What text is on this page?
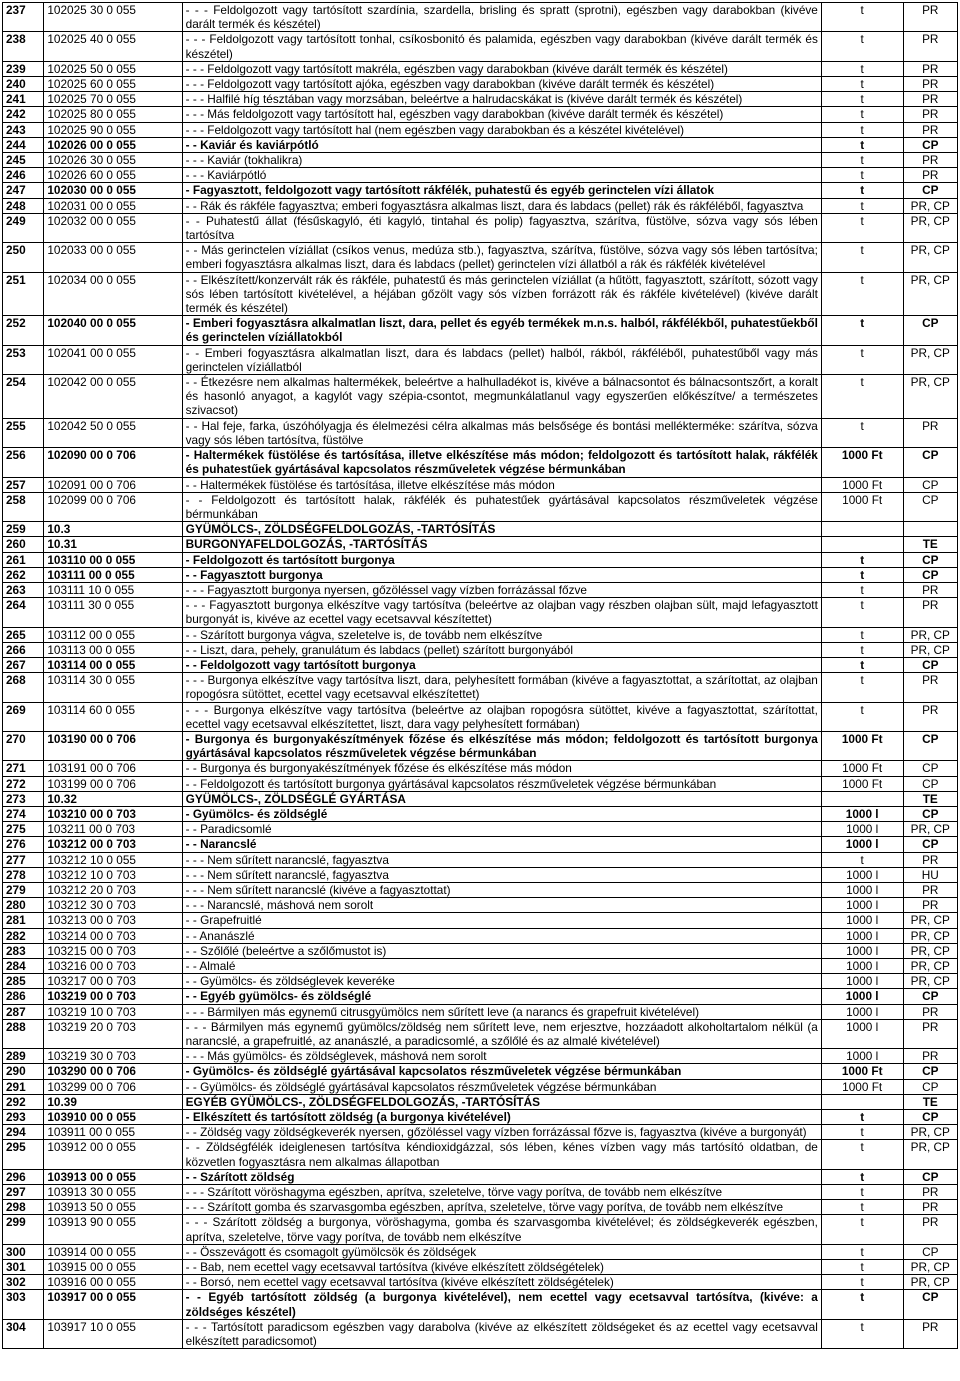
237	102025 30 0 055	- - - Feldolgozott vagy tartósított szardínia, szardella, brisling és spratt (sprotni), egészben vagy darabokban (kivéve darált termék és készétel)	t	PR
238	102025 40 0 055	- - - Feldolgozott vagy tartósított tonhal, csíkosbonitó és palamida, egészben vagy darabokban (kivéve darált termék és készétel)	t	PR
239	102025 50 0 055	- - - Feldolgozott vagy tartósított makréla, egészben vagy darabokban (kivéve darált termék és készétel)	t	PR
240	102025 60 0 055	- - - Feldolgozott vagy tartósított ajóka, egészben vagy darabokban (kivéve darált termék és készétel)	t	PR
241	102025 70 0 055	- - - Halfilé híg tésztában vagy morzsában, beleértve a halrudacskákat is (kivéve darált termék és készétel)	t	PR
242	102025 80 0 055	- - - Más feldolgozott vagy tartósított hal, egészben vagy darabokban (kivéve darált termék és készétel)	t	PR
243	102025 90 0 055	- - - Feldolgozott vagy tartósított hal (nem egészben vagy darabokban és a készétel kivételével)	t	PR
244	102026 00 0 055	- - Kaviár és kaviárpótló	t	CP
245	102026 30 0 055	- - - Kaviár (tokhalikra)	t	PR
246	102026 60 0 055	- - - Kaviárpótló	t	PR
247	102030 00 0 055	- Fagyasztott, feldolgozott vagy tartósított rákfélék, puhatestű és egyéb gerinctelen vízi állatok	t	CP
248	102031 00 0 055	- - Rák és rákféle fagyasztva; emberi fogyasztásra alkalmas liszt, dara és labdacs (pellet) rák és rákféléből, fagyasztva	t	PR, CP
249	102032 00 0 055	- - Puhatestű állat (fésűskagyló, éti kagyló, tintahal és polip) fagyasztva, szárítva, füstölve, sózva vagy sós lében tartósítva	t	PR, CP
250	102033 00 0 055	- - Más gerinctelen víziállat (csíkos venus, medúza stb.), fagyasztva, szárítva, füstölve, sózva vagy sós lében tartósítva; emberi fogyasztásra alkalmas liszt, dara és labdacs (pellet) gerinctelen vízi állatból a rák és rákfélék kivételével	t	PR, CP
251	102034 00 0 055	- - Elkészített/konzervált rák és rákféle, puhatestű és más gerinctelen víziállat (a hűtött, fagyasztott, szárított, sózott vagy sós lében tartósított kivételével, a héjában gőzölt vagy sós vízben forrázott rák és rákféle kivételével) (kivéve darált termék és készétel)	t	PR, CP
252	102040 00 0 055	- Emberi fogyasztásra alkalmatlan liszt, dara, pellet és egyéb termékek m.n.s. halból, rákfélékből, puhatestűekből és gerinctelen víziállatokból	t	CP
253	102041 00 0 055	- - Emberi fogyasztásra alkalmatlan liszt, dara és labdacs (pellet) halból, rákból, rákféléből, puhatestűből vagy más gerinctelen víziállatból	t	PR, CP
254	102042 00 0 055	- - Étkezésre nem alkalmas haltermékek, beleértve a halhulladékot is, kivéve a bálnacsontot és bálnacsontszőrt, a koralt és hasonló anyagot, a kagylót vagy szépia-csontot, megmunkálatlanul vagy egyszerűen előkészítve/ a természetes szivacsot)	t	PR, CP
255	102042 50 0 055	- - Hal feje, farka, úszóhólyagja és élelmezési célra alkalmas más belsősége és bontási melléktermékе: szárítva, sózva vagy sós lében tartósítva, füstölve	t	PR
256	102090 00 0 706	- Haltermékek füstölése és tartósítása, illetve elkészítése más módon; feldolgozott és tartósított halak, rákfélék és puhatestűek gyártásával kapcsolatos részműveletek végzése bérmunkában	1000 Ft	CP
257	102091 00 0 706	- - Haltermékek füstölése és tartósítása, illetve elkészítése más módon	1000 Ft	CP
258	102099 00 0 706	- - Feldolgozott és tartósított halak, rákfélék és puhatestűek gyártásával kapcsolatos részműveletek végzése bérmunkában	1000 Ft	CP
259	10.3	GYÜMÖLCS-, ZÖLDSÉGFELDOLGOZÁS, -TARTÓSÍTÁS		
260	10.31	BURGONYAFELDOLGOZÁS, -TARTÓSÍTÁS		TE
261	103110 00 0 055	- Feldolgozott és tartósított burgonya	t	CP
262	103111 00 0 055	- - Fagyasztott burgonya	t	CP
263	103111 10 0 055	- - - Fagyasztott burgonya nyersen, gőzöléssel vagy vízben forrázással főzve	t	PR
264	103111 30 0 055	- - - Fagyasztott burgonya elkészítve vagy tartósítva (beleértve az olajban vagy részben olajban sült, majd lefagyasztott burgonyát is, kivéve az ecettel vagy ecetsavval készítettet)	t	PR
265	103112 00 0 055	- - Szárított burgonya vágva, szeletelve is, de tovább nem elkészítve	t	PR, CP
266	103113 00 0 055	- - Liszt, dara, pehely, granulátum és labdacs (pellet) szárított burgonyából	t	PR, CP
267	103114 00 0 055	- - Feldolgozott vagy tartósított burgonya	t	CP
268	103114 30 0 055	- - - Burgonya elkészítve vagy tartósítva liszt, dara, pelyhesített formában (kivéve a fagyasztottat, a szárítottat, az olajban ropogósra sütöttet, ecettel vagy ecetsavval elkészítettet)	t	PR
269	103114 60 0 055	- - - Burgonya elkészítve vagy tartósítva (beleértve az olajban ropogósra sütöttet, kivéve a fagyasztottat, szárítottat, ecettel vagy ecetsavval elkészítettet, liszt, dara vagy pelyhesített formában)	t	PR
270	103190 00 0 706	- Burgonya és burgonyakészítmények főzése és elkészítése más módon; feldolgozott és tartósított burgonya gyártásával kapcsolatos részműveletek végzése bérmunkában	1000 Ft	CP
271	103191 00 0 706	- - Burgonya és burgonyakészítmények főzése és elkészítése más módon	1000 Ft	CP
272	103199 00 0 706	- - Feldolgozott és tartósított burgonya gyártásával kapcsolatos részműveletek végzése bérmunkában	1000 Ft	CP
273	10.32	GYÜMÖLCS-, ZÖLDSÉGLÉ GYÁRTÁSA		TE
274	103210 00 0 703	- Gyümölcs- és zöldséglé	1000 l	CP
275	103211 00 0 703	- - Paradicsomlé	1000 l	PR, CP
276	103212 00 0 703	- - Narancslé	1000 l	CP
277	103212 10 0 055	- - - Nem sűrített narancslé, fagyasztva	t	PR
278	103212 10 0 703	- - - Nem sűrített narancslé, fagyasztva	1000 l	HU
279	103212 20 0 703	- - - Nem sűrített narancslé (kivéve a fagyasztottat)	1000 l	PR
280	103212 30 0 703	- - - Narancslé, máshová nem sorolt	1000 l	PR
281	103213 00 0 703	- - Grapefruitlé	1000 l	PR, CP
282	103214 00 0 703	- - Ananászlé	1000 l	PR, CP
283	103215 00 0 703	- - Szőlőlé (beleértve a szőlőmustot is)	1000 l	PR, CP
284	103216 00 0 703	- - Almalé	1000 l	PR, CP
285	103217 00 0 703	- - Gyümölcs- és zöldséglevek keveréke	1000 l	PR, CP
286	103219 00 0 703	- - Egyéb gyümölcs- és zöldséglé	1000 l	CP
287	103219 10 0 703	- - - Bármilyen más egynemű citrusgyümölcs nem sűrített leve (a narancs és grapefruit kivételével)	1000 l	PR
288	103219 20 0 703	- - - Bármilyen más egynemű gyümölcs/zöldség nem sűrített leve, nem erjesztve, hozzáadott alkoholtartalom nélkül (a narancslé, a grapefruitlé, az ananászlé, a paradicsomlé, a szőlőlé és az almalé kivételével)	1000 l	PR
289	103219 30 0 703	- - - Más gyümölcs- és zöldséglevek, máshová nem sorolt	1000 l	PR
290	103290 00 0 706	- Gyümölcs- és zöldséglé gyártásával kapcsolatos részműveletek végzése bérmunkában	1000 Ft	CP
291	103299 00 0 706	- - Gyümölcs- és zöldséglé gyártásával kapcsolatos részműveletek végzése bérmunkában	1000 Ft	CP
292	10.39	EGYÉB GYÜMÖLCS-, ZÖLDSÉGFELDOLGOZÁS, -TARTÓSÍTÁS		TE
293	103910 00 0 055	- Elkészített és tartósított zöldség (a burgonya kivételével)	t	CP
294	103911 00 0 055	- - Zöldség vagy zöldségkeverék nyersen, gőzöléssel vagy vízben forrázással főzve is, fagyasztva (kivéve a burgonyát)	t	PR, CP
295	103912 00 0 055	- - Zöldségfélék ideiglenesen tartósítva kéndioxidgázzal, sós lében, kénes vízben vagy más tartósító oldatban, de közvetlen fogyasztásra nem alkalmas állapotban	t	PR, CP
296	103913 00 0 055	- - Szárított zöldség	t	CP
297	103913 30 0 055	- - - Szárított vöröshagyma egészben, aprítva, szeletelve, törve vagy porítva, de tovább nem elkészítve	t	PR
298	103913 50 0 055	- - - Szárított gomba és szarvasgomba egészben, aprítva, szeletelve, törve vagy porítva, de tovább nem elkészítve	t	PR
299	103913 90 0 055	- - - Szárított zöldség a burgonya, vöröshagyma, gomba és szarvasgomba kivételével; és zöldségkeverék egészben, aprítva, szeletelve, törve vagy porítva, de tovább nem elkészítve	t	PR
300	103914 00 0 055	- - Összevágott és csomagolt gyümölcsök és zöldségek	t	CP
301	103915 00 0 055	- - Bab, nem ecettel vagy ecetsavval tartósítva (kivéve elkészített zöldségételek)	t	PR, CP
302	103916 00 0 055	- - Borsó, nem ecettel vagy ecetsavval tartósítva (kivéve elkészített zöldségételek)	t	PR, CP
303	103917 00 0 055	- - Egyéb tartósított zöldség (a burgonya kivételével), nem ecettel vagy ecetsavval tartósítva, (kivéve: a zöldséges készétel)	t	CP
304	103917 10 0 055	- - - Tartósított paradicsom egészben vagy darabolva (kivéve az elkészített zöldségeket és az ecettel vagy ecetsavval elkészített paradicsomot)	t	PR
